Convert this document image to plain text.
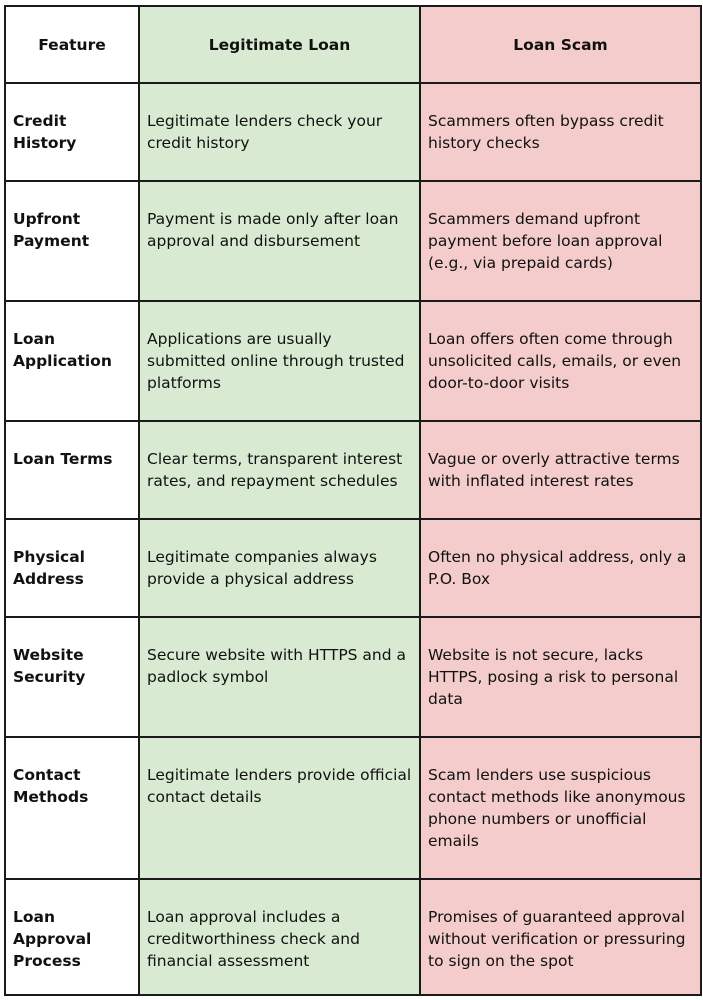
Feature	Legitimate Loan	Loan Scam

Credit History	Legitimate lenders check your credit history	Scammers often bypass credit history checks

Upfront Payment	Payment is made only after loan approval and disbursement	Scammers demand upfront payment before loan approval (e.g., via prepaid cards)

Loan Application	Applications are usually submitted online through trusted platforms	Loan offers often come through unsolicited calls, emails, or even door-to-door visits

Loan Terms	Clear terms, transparent interest rates, and repayment schedules	Vague or overly attractive terms with inflated interest rates

Physical Address	Legitimate companies always provide a physical address	Often no physical address, only a P.O. Box

Website Security	Secure website with HTTPS and a padlock symbol	Website is not secure, lacks HTTPS, posing a risk to personal data

Contact Methods	Legitimate lenders provide official contact details	Scam lenders use suspicious contact methods like anonymous phone numbers or unofficial emails

Loan Approval Process	Loan approval includes a creditworthiness check and financial assessment	Promises of guaranteed approval without verification or pressuring to sign on the spot
